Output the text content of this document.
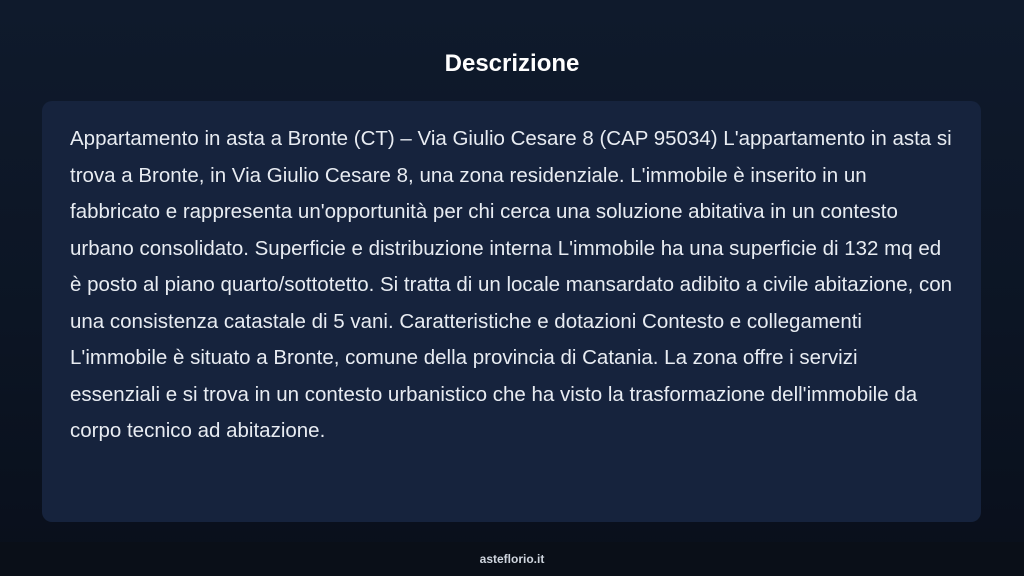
Descrizione

Appartamento in asta a Bronte (CT) – Via Giulio Cesare 8 (CAP 95034) L'appartamento in asta si trova a Bronte, in Via Giulio Cesare 8, una zona residenziale. L'immobile è inserito in un fabbricato e rappresenta un'opportunità per chi cerca una soluzione abitativa in un contesto urbano consolidato. Superficie e distribuzione interna L'immobile ha una superficie di 132 mq ed è posto al piano quarto/sottotetto. Si tratta di un locale mansardato adibito a civile abitazione, con una consistenza catastale di 5 vani. Caratteristiche e dotazioni Contesto e collegamenti L'immobile è situato a Bronte, comune della provincia di Catania. La zona offre i servizi essenziali e si trova in un contesto urbanistico che ha visto la trasformazione dell'immobile da corpo tecnico ad abitazione.

asteflorio.it
